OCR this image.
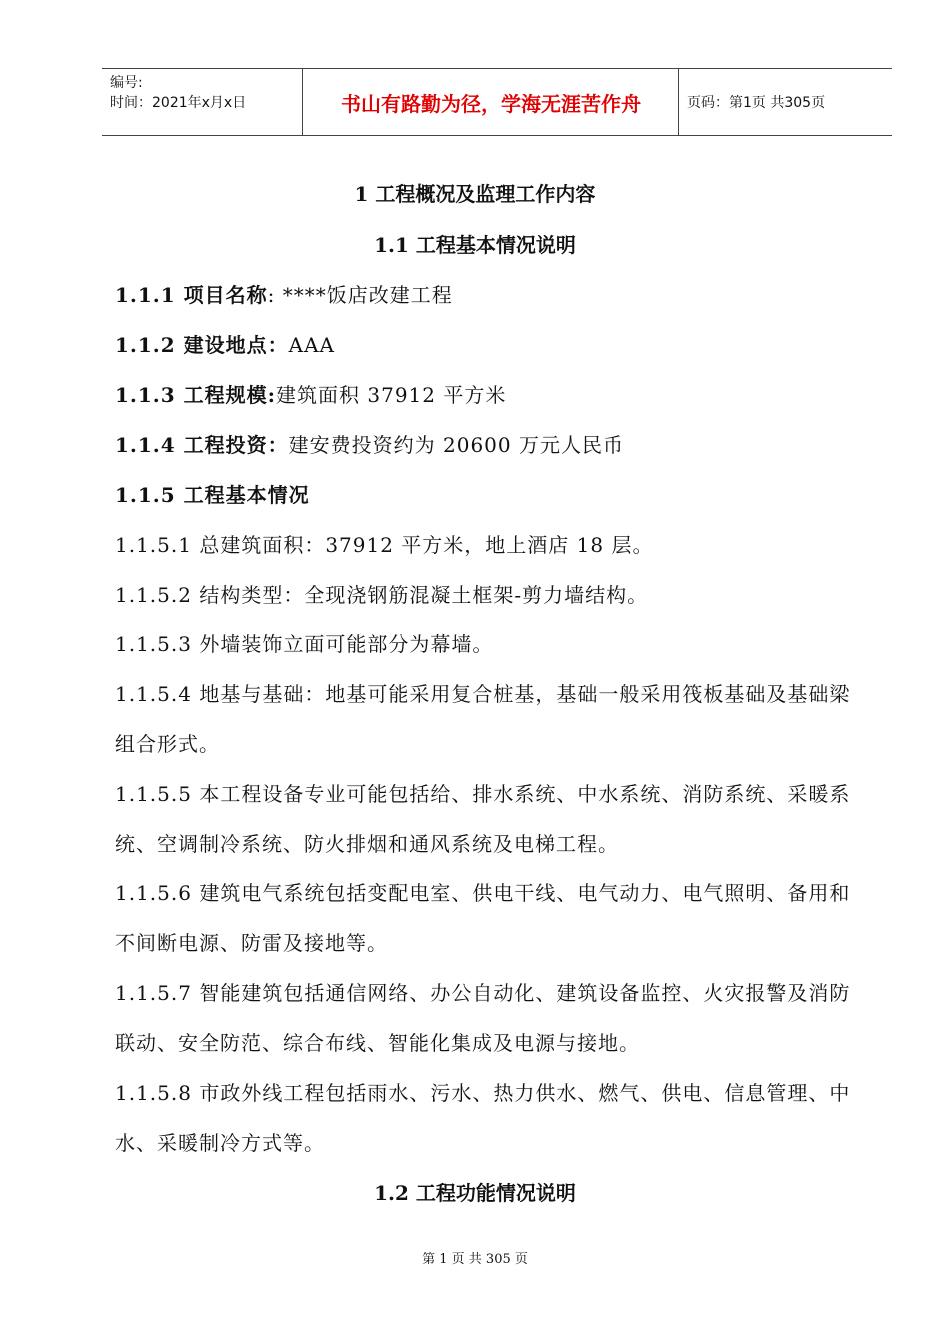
编号:
时间：2021年x月x日	书山有路勤为径，学海无涯苦作舟	页码：第1页 共305页
1 工程概况及监理工作内容
1.1 工程基本情况说明
1.1.1 项目名称: ****饭店改建工程
1.1.2 建设地点：AAA
1.1.3 工程规模:建筑面积 37912 平方米
1.1.4 工程投资：建安费投资约为 20600 万元人民币
1.1.5 工程基本情况
1.1.5.1 总建筑面积：37912 平方米，地上酒店 18 层。
1.1.5.2 结构类型：全现浇钢筋混凝土框架-剪力墙结构。
1.1.5.3 外墙装饰立面可能部分为幕墙。
1.1.5.4 地基与基础：地基可能采用复合桩基，基础一般采用筏板基础及基础梁
组合形式。
1.1.5.5 本工程设备专业可能包括给、排水系统、中水系统、消防系统、采暖系
统、空调制冷系统、防火排烟和通风系统及电梯工程。
1.1.5.6 建筑电气系统包括变配电室、供电干线、电气动力、电气照明、备用和
不间断电源、防雷及接地等。
1.1.5.7 智能建筑包括通信网络、办公自动化、建筑设备监控、火灾报警及消防
联动、安全防范、综合布线、智能化集成及电源与接地。
1.1.5.8 市政外线工程包括雨水、污水、热力供水、燃气、供电、信息管理、中
水、采暖制冷方式等。
1.2 工程功能情况说明
第 1 页 共 305 页
